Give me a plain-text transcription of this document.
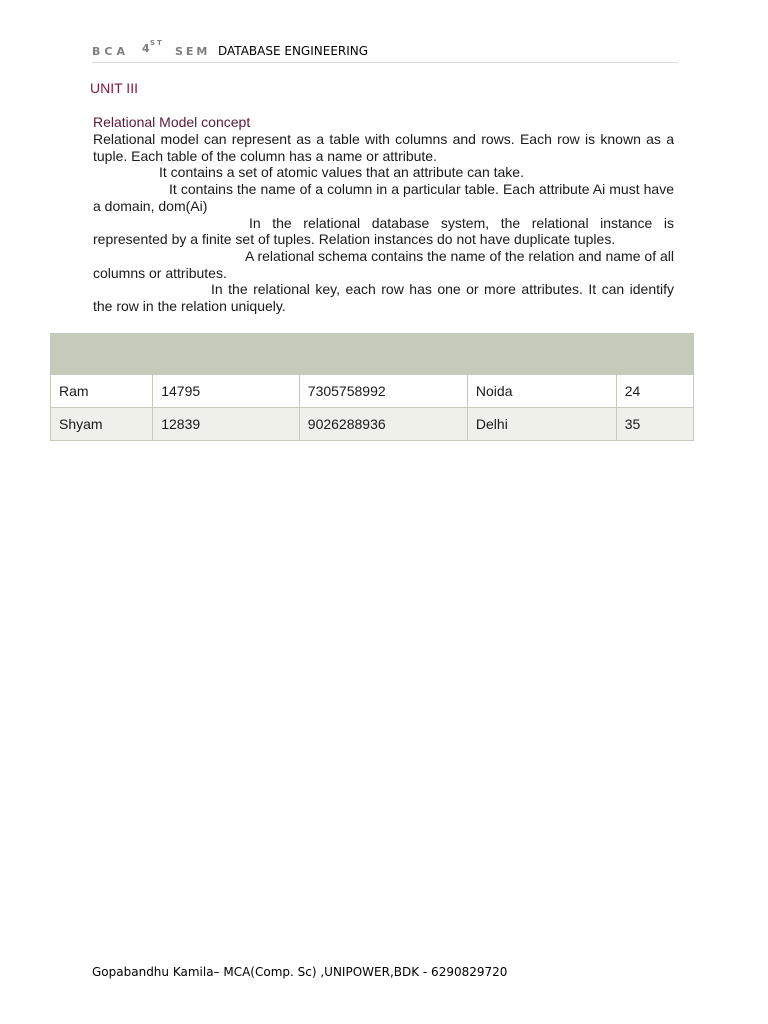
BCA 4 ST
SEM DATABASE ENGINEERING
UNIT III
Relational Model concept

Relational model can represent as a table with columns and rows. Each row is known as a tuple. Each table of the column has a name or attribute.

It contains a set of atomic values that an attribute can take.

It contains the name of a column in a particular table. Each attribute Ai must have a domain, dom(Ai)

In the relational database system, the relational instance is represented by a finite set of tuples. Relation instances do not have duplicate tuples.

A relational schema contains the name of the relation and name of all columns or attributes.

In the relational key, each row has one or more attributes. It can identify the row in the relation uniquely.

Ram	14795	7305758992	Noida	24
Shyam	12839	9026288936	Delhi	35
Gopabandhu Kamila– MCA(Comp. Sc) ,UNIPOWER,BDK - 6290829720
